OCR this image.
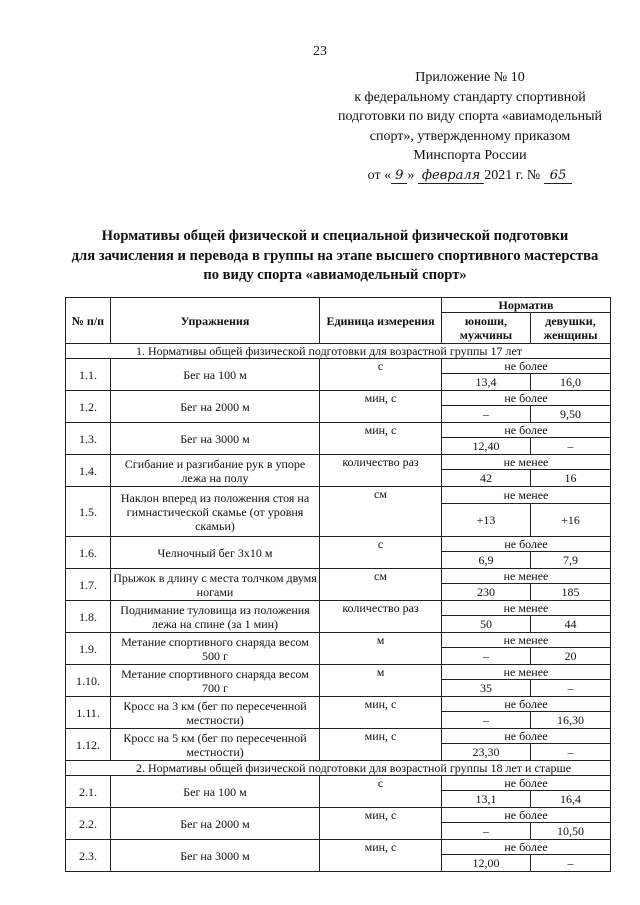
23
Приложение № 10
к федеральному стандарту спортивной
подготовки по виду спорта «авиамодельный
спорт», утвержденному приказом
Минспорта России
от « 9 » февраля 2021 г. № 65
Нормативы общей физической и специальной физической подготовки
для зачисления и перевода в группы на этапе высшего спортивного мастерства
по виду спорта «авиамодельный спорт»
№ п/п	Упражнения	Единица измерения	Норматив	
			юноши, мужчины	девушки, женщины
1. Нормативы общей физической подготовки для возрастной группы 17 лет				
1.1.	Бег на 100 м	с	не более	
			13,4	16,0
1.2.	Бег на 2000 м	мин, с	не более	
			–	9,50
1.3.	Бег на 3000 м	мин, с	не более	
			12,40	–
1.4.	Сгибание и разгибание рук в упоре лежа на полу	количество раз	не менее	
			42	16
1.5.	Наклон вперед из положения стоя на гимнастической скамье (от уровня скамьи)	см	не менее	
			+13	+16
1.6.	Челночный бег 3х10 м	с	не более	
			6,9	7,9
1.7.	Прыжок в длину с места толчком двумя ногами	см	не менее	
			230	185
1.8.	Поднимание туловища из положения лежа на спине (за 1 мин)	количество раз	не менее	
			50	44
1.9.	Метание спортивного снаряда весом 500 г	м	не менее	
			–	20
1.10.	Метание спортивного снаряда весом 700 г	м	не менее	
			35	–
1.11.	Кросс на 3 км (бег по пересеченной местности)	мин, с	не более	
			–	16,30
1.12.	Кросс на 5 км (бег по пересеченной местности)	мин, с	не более	
			23,30	–
2. Нормативы общей физической подготовки для возрастной группы 18 лет и старше				
2.1.	Бег на 100 м	с	не более	
			13,1	16,4
2.2.	Бег на 2000 м	мин, с	не более	
			–	10,50
2.3.	Бег на 3000 м	мин, с	не более	
			12,00	–
